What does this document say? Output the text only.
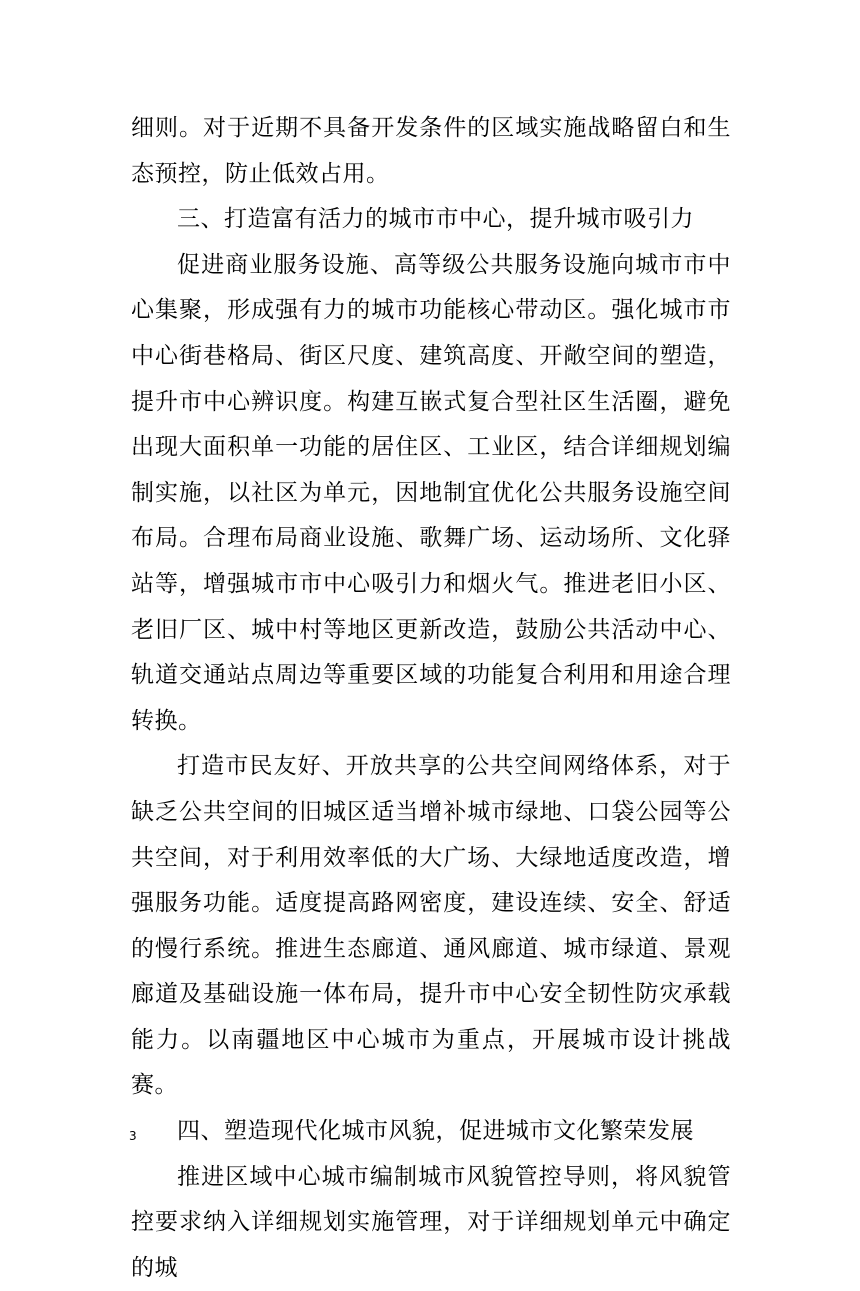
细则。对于近期不具备开发条件的区域实施战略留白和生态预控，防止低效占用。

三、打造富有活力的城市市中心，提升城市吸引力

促进商业服务设施、高等级公共服务设施向城市市中心集聚，形成强有力的城市功能核心带动区。强化城市市中心街巷格局、街区尺度、建筑高度、开敞空间的塑造，提升市中心辨识度。构建互嵌式复合型社区生活圈，避免出现大面积单一功能的居住区、工业区，结合详细规划编制实施，以社区为单元，因地制宜优化公共服务设施空间布局。合理布局商业设施、歌舞广场、运动场所、文化驿站等，增强城市市中心吸引力和烟火气。推进老旧小区、老旧厂区、城中村等地区更新改造，鼓励公共活动中心、轨道交通站点周边等重要区域的功能复合利用和用途合理转换。

打造市民友好、开放共享的公共空间网络体系，对于缺乏公共空间的旧城区适当增补城市绿地、口袋公园等公共空间，对于利用效率低的大广场、大绿地适度改造，增强服务功能。适度提高路网密度，建设连续、安全、舒适的慢行系统。推进生态廊道、通风廊道、城市绿道、景观廊道及基础设施一体布局，提升市中心安全韧性防灾承载能力。以南疆地区中心城市为重点，开展城市设计挑战赛。

四、塑造现代化城市风貌，促进城市文化繁荣发展

推进区域中心城市编制城市风貌管控导则，将风貌管控要求纳入详细规划实施管理，对于详细规划单元中确定的城

3
